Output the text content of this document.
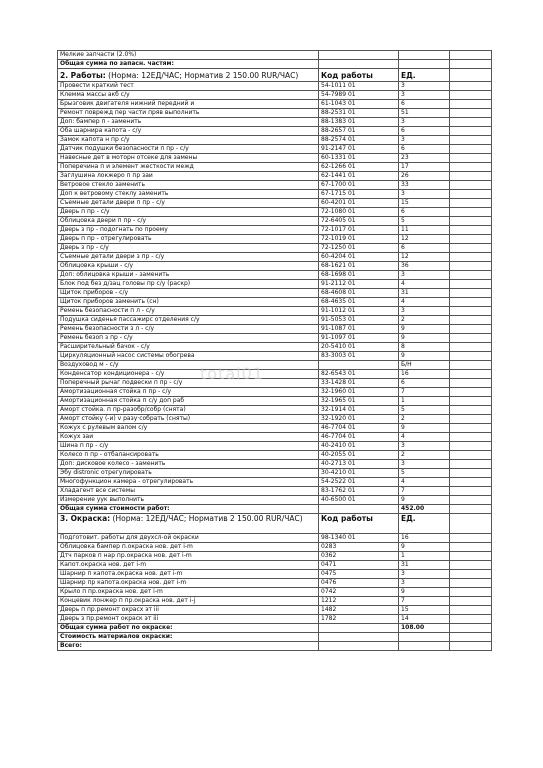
Мелкие запчасти (2.0%)			
Общая сумма по запасн. частям:			
2. Работы: (Норма: 12ЕД/ЧАС; Норматив 2 150.00 RUR/ЧАС)	Код работы	ЕД.	
Провести краткий тест	54-1011 01	3	
Клемма массы акб с/у	54-7989 01	3	
Брызговик двигателя нижний передний и	61-1043 01	6	
Ремонт поврежд пер части пряв выполнить	88-2531 01	51	
Доп: бампер п - заменить	88-1383 01	3	
Оба шарнира капота - с/у	88-2657 01	6	
Замок капота н пр с/у	88-2574 01	3	
Датчик подушки безопасности п пр - с/у	91-2147 01	6	
Навесные дет в моторн отсеке для замены	60-1331 01	23	
Поперечина п и элемент жесткости межд	62-1266 01	17	
Заглушина локжеро п пр заи	62-1441 01	26	
Ветровое стекло заменить	67-1700 01	33	
Доп к ветровому стеклу заменить	67-1715 01	3	
Съемные детали двери п пр - с/у	60-4201 01	15	
Дверь п пр - с/у	72-1080 01	6	
Облицовка двери п пр - с/у	72-6405 01	5	
Дверь з пр - подогнать по проему	72-1017 01	11	
Дверь п пр - отрегулировать	72-1019 01	12	
Дверь з пр - с/у	72-1250 01	6	
Съемные детали двери з пр - с/у	60-4204 01	12	
Облицовка крыши - с/у	68-1621 01	36	
Доп: облицовка крыши - заменить	68-1698 01	3	
Блок под без д/зац головы пр с/у (раскр)	91-2112 01	4	
Щиток приборов - с/у	68-4608 01	31	
Щиток приборов заменить (сн)	68-4635 01	4	
Ремень безопасности п л - с/у	91-1012 01	3	
Подушка сиденья пассажирс отделения с/у	91-5053 01	2	
Ремень безопасности з л - с/у	91-1087 01	9	
Ремень безоп з пр - с/у	91-1097 01	9	
Расширительный бачок - с/у	20-5410 01	8	
Циркуляционный насос системы обогрева	83-3003 01	9	
Воздуховод м - с/у		Б/Н	
Конденсатор кондиционера - с/у	82-6543 01	16	
Поперечный рычаг подвески п пр - с/у	33-1428 01	6	
Амортизационная стойка п пр - с/у	32-1960 01	7	
Амортизационная стойка п с/у доп раб	32-1965 01	1	
Аморт стойка. п пр-разобр/собр (снята)	32-1914 01	5	
Аморт стойку (-и) v разу·собрать (сняты)	32-1920 01	2	
Кожух с рулевым валом с/у	46-7704 01	9	
Кожух заи	46-7704 01	4	
Шина п пр - с/у	40-2410 01	3	
Колесо п пр - отбалансировать	40-2055 01	2	
Доп: дисковое колесо - заменить	40-2713 01	3	
Эбу distronic отрегулировать	30-4210 01	5	
Многофункцион камера - отрегулировать	54-2522 01	4	
Хладагент все системы	83-1762 01	7	
Измерение уук выполнить	40-6500 01	9	
Общая сумма стоимости работ:		452.00	
3. Окраска: (Норма: 12ЕД/ЧАС; Норматив 2 150.00 RUR/ЧАС)	Код работы	ЕД.	
Подготовит. работы для двухсл-ой окраски	98-1340 01	16	
Облицовка бампер п.окраска нов. дет i-m	0283	9	
Дтч парков п нар пр.окраска нов. дет i-m	0362	1	
Капот.окраска нов. дет i-m	0471	31	
Шарнир п капота.окраска нов. дет i-m	0475	3	
Шарнир пр капота.окраска нов. дет i-m	0476	3	
Крыло п пр.окраска нов. дет i-m	0742	9	
Концевик лонжер п пр.окраска нов. дет i-j	1212	7	
Дверь п пр.ремонт окрасх эт iii	1482	15	
Дверь з пр.ремонт окраск эт iii	1782	14	
Общая сумма работ по окраске:		108.00	
Стоимость материалов окраски:			
Всего:			
total01
